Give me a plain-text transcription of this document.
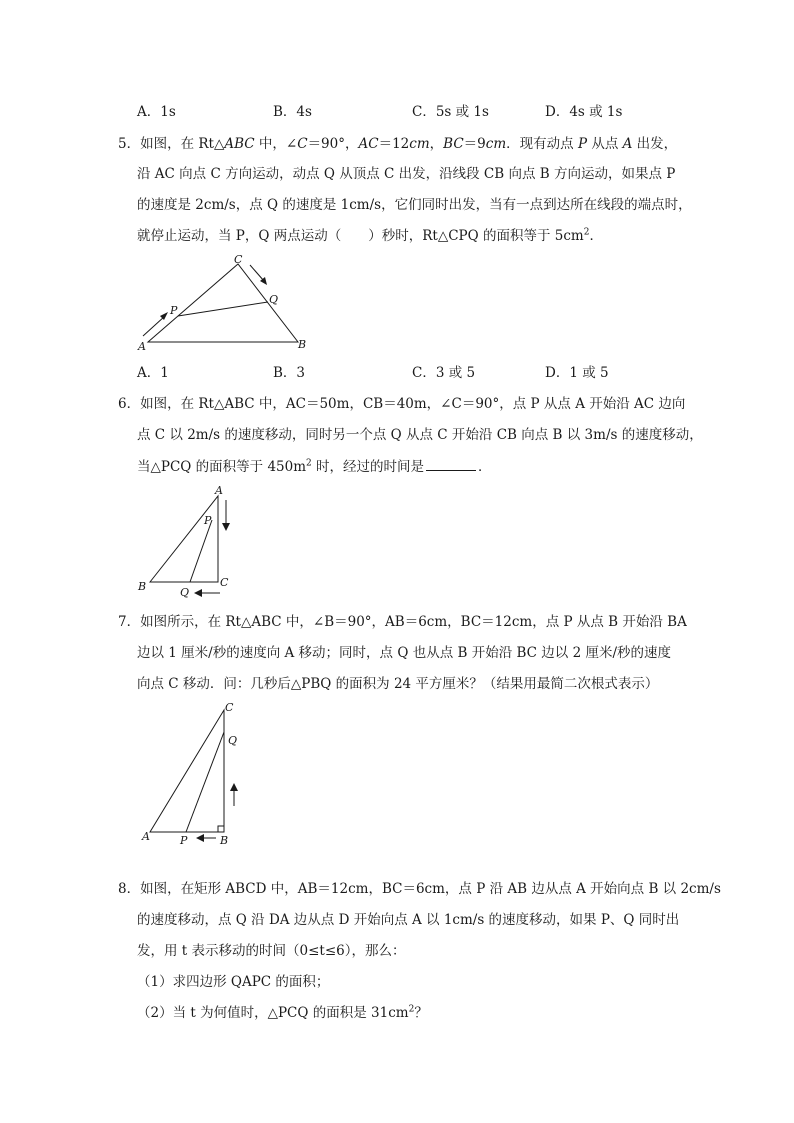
A．1s	B．4s	C．5s 或 1s	D．4s 或 1s
5．如图，在 Rt△ABC 中，∠C＝90°，AC＝12cm，BC＝9cm．现有动点 P 从点 A 出发，
沿 AC 向点 C 方向运动，动点 Q 从顶点 C 出发，沿线段 CB 向点 B 方向运动，如果点 P
的速度是 2cm/s，点 Q 的速度是 1cm/s，它们同时出发，当有一点到达所在线段的端点时，
就停止运动，当 P，Q 两点运动（　　）秒时，Rt△CPQ 的面积等于 $5cm^2$．
C
P
Q
A	B
A．1	B．3	C．3 或 5	D．1 或 5
6．如图，在 Rt△ABC 中，AC＝50m，CB＝40m，∠C＝90°，点 P 从点 A 开始沿 AC 边向
点 C 以 2m/s 的速度移动，同时另一个点 Q 从点 C 开始沿 CB 向点 B 以 3m/s 的速度移动，
当△PCQ 的面积等于 $450m^2$ 时，经过的时间是	．
A
P
B	C
Q
7．如图所示，在 Rt△ABC 中，∠B＝90°，AB＝6cm，BC＝12cm，点 P 从点 B 开始沿 BA
边以 1 厘米/秒的速度向 A 移动；同时，点 Q 也从点 B 开始沿 BC 边以 2 厘米/秒的速度
向点 C 移动．问：几秒后△PBQ 的面积为 24 平方厘米？（结果用最简二次根式表示）
C
Q
A	P	B
8．如图，在矩形 ABCD 中，AB＝12cm，BC＝6cm，点 P 沿 AB 边从点 A 开始向点 B 以 2cm/s
的速度移动，点 Q 沿 DA 边从点 D 开始向点 A 以 1cm/s 的速度移动，如果 P、Q 同时出
发，用 t 表示移动的时间（0≤t≤6），那么：
（1）求四边形 QAPC 的面积；
（2）当 t 为何值时，△PCQ 的面积是 $31cm^2$？
